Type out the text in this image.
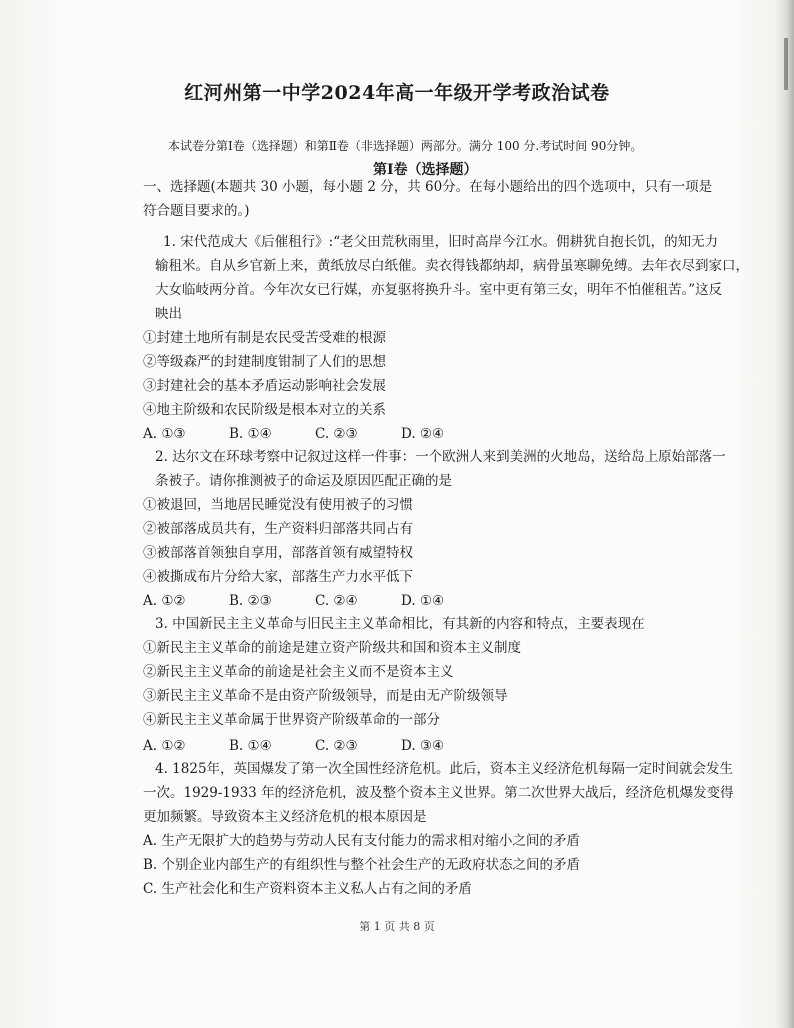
红河州第一中学2024年高一年级开学考政治试卷
本试卷分第Ⅰ卷（选择题）和第Ⅱ卷（非选择题）两部分。满分 100 分.考试时间 90分钟。
第Ⅰ卷（选择题）
一、选择题(本题共 30 小题，每小题 2 分，共 60分。在每小题给出的四个选项中，只有一项是
符合题目要求的。)
1. 宋代范成大《后催租行》:“老父田荒秋雨里，旧时高岸今江水。佣耕犹自抱长饥，的知无力
输租米。自从乡官新上来，黄纸放尽白纸催。卖衣得钱都纳却，病骨虽寒聊免缚。去年衣尽到家口，
大女临岐两分首。今年次女已行媒，亦复驱将换升斗。室中更有第三女，明年不怕催租苦。”这反
映出
①封建土地所有制是农民受苦受难的根源
②等级森严的封建制度钳制了人们的思想
③封建社会的基本矛盾运动影响社会发展
④地主阶级和农民阶级是根本对立的关系
A. ①③	B. ①④	C. ②③	D. ②④
2. 达尔文在环球考察中记叙过这样一件事：一个欧洲人来到美洲的火地岛，送给岛上原始部落一
条被子。请你推测被子的命运及原因匹配正确的是
①被退回，当地居民睡觉没有使用被子的习惯
②被部落成员共有，生产资料归部落共同占有
③被部落首领独自享用，部落首领有威望特权
④被撕成布片分给大家，部落生产力水平低下
A. ①②	B. ②③	C. ②④	D. ①④
3. 中国新民主主义革命与旧民主主义革命相比，有其新的内容和特点，主要表现在
①新民主主义革命的前途是建立资产阶级共和国和资本主义制度
②新民主主义革命的前途是社会主义而不是资本主义
③新民主主义革命不是由资产阶级领导，而是由无产阶级领导
④新民主主义革命属于世界资产阶级革命的一部分
A. ①②	B. ①④	C. ②③	D. ③④
4. 1825年，英国爆发了第一次全国性经济危机。此后，资本主义经济危机每隔一定时间就会发生
一次。1929-1933 年的经济危机，波及整个资本主义世界。第二次世界大战后，经济危机爆发变得
更加频繁。导致资本主义经济危机的根本原因是
A. 生产无限扩大的趋势与劳动人民有支付能力的需求相对缩小之间的矛盾
B. 个别企业内部生产的有组织性与整个社会生产的无政府状态之间的矛盾
C. 生产社会化和生产资料资本主义私人占有之间的矛盾
第 1 页 共 8 页
